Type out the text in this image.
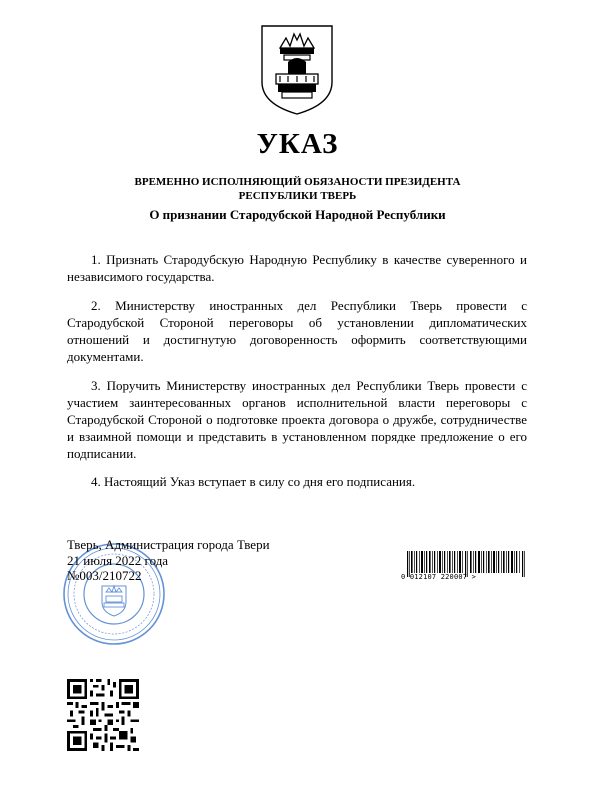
УКАЗ
ВРЕМЕННО ИСПОЛНЯЮЩИЙ ОБЯЗАНОСТИ ПРЕЗИДЕНТА
РЕСПУБЛИКИ ТВЕРЬ
О признании Стародубской Народной Республики

1. Признать Стародубскую Народную Республику в качестве суверенного и независимого государства.

2. Министерству иностранных дел Республики Тверь провести с Стародубской Стороной переговоры об установлении дипломатических отношений и достигнутую договоренность оформить соответствующими документами.

3. Поручить Министерству иностранных дел Республики Тверь провести с участием заинтересованных органов исполнительной власти переговоры с Стародубской Стороной о подготовке проекта договора о дружбе, сотрудничестве и взаимной помощи и представить в установленном порядке предложение о его подписании.

4. Настоящий Указ вступает в силу со дня его подписания.

Тверь, Администрация города Твери
21 июля 2022 года
№003/210722	0 012107 220007 >
